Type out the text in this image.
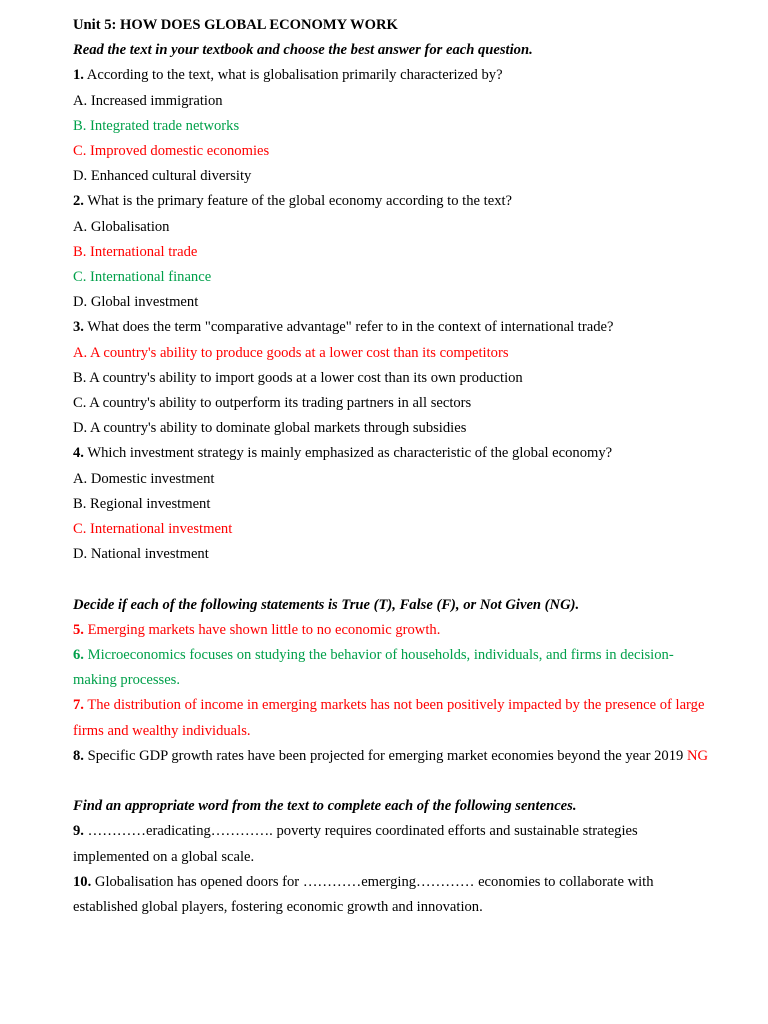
Unit 5: HOW DOES GLOBAL ECONOMY WORK
Read the text in your textbook and choose the best answer for each question.
1. According to the text, what is globalisation primarily characterized by?
A. Increased immigration
B. Integrated trade networks
C. Improved domestic economies
D. Enhanced cultural diversity
2. What is the primary feature of the global economy according to the text?
A. Globalisation
B. International trade
C. International finance
D. Global investment
3. What does the term "comparative advantage" refer to in the context of international trade?
A. A country's ability to produce goods at a lower cost than its competitors
B. A country's ability to import goods at a lower cost than its own production
C. A country's ability to outperform its trading partners in all sectors
D. A country's ability to dominate global markets through subsidies
4. Which investment strategy is mainly emphasized as characteristic of the global economy?
A. Domestic investment
B. Regional investment
C. International investment
D. National investment
Decide if each of the following statements is True (T), False (F), or Not Given (NG).
5. Emerging markets have shown little to no economic growth.
6. Microeconomics focuses on studying the behavior of households, individuals, and firms in decision-making processes.
7. The distribution of income in emerging markets has not been positively impacted by the presence of large firms and wealthy individuals.
8. Specific GDP growth rates have been projected for emerging market economies beyond the year 2019 NG
Find an appropriate word from the text to complete each of the following sentences.
9. …………eradicating…………. poverty requires coordinated efforts and sustainable strategies implemented on a global scale.
10. Globalisation has opened doors for …………emerging………… economies to collaborate with established global players, fostering economic growth and innovation.
